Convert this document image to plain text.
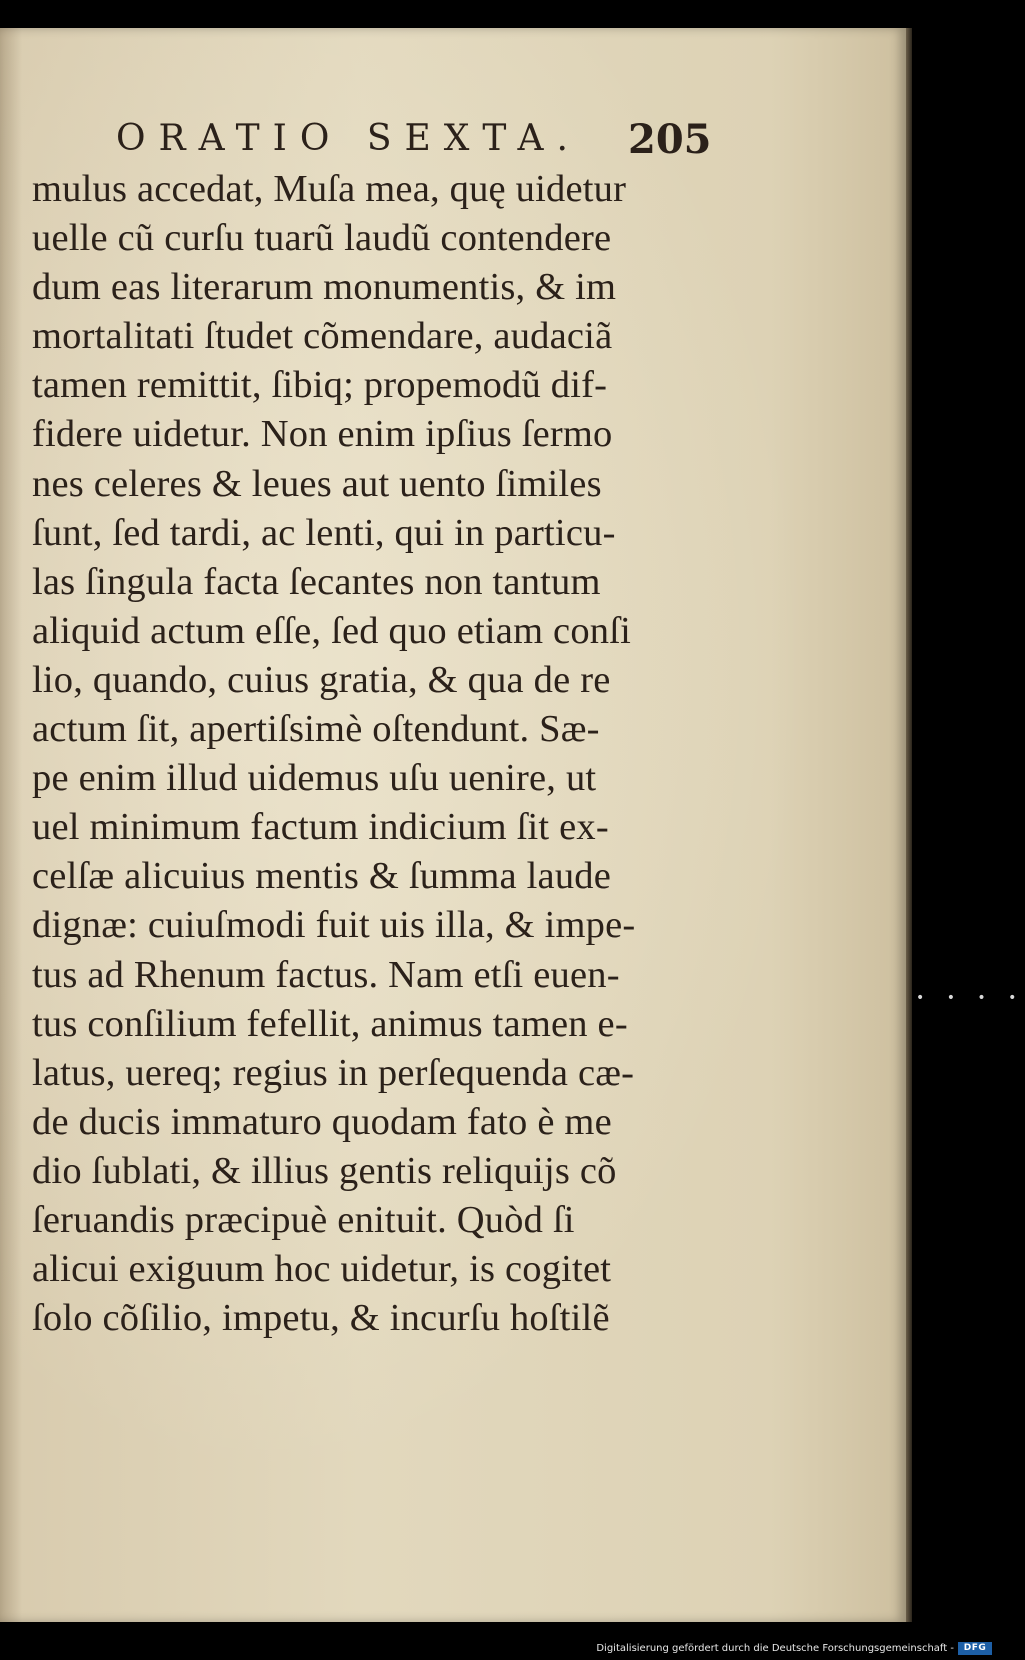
ORATIO SEXTA. 205
mulus accedat, Muſa mea, quę uidetur
uelle cũ curſu tuarũ laudũ contendere
dum eas literarum monumentis, & im
mortalitati ſtudet cõmendare, audaciã
tamen remittit, ſibiq; propemodũ dif-
fidere uidetur. Non enim ipſius ſermo
nes celeres & leues aut uento ſimiles
ſunt, ſed tardi, ac lenti, qui in particu-
las ſingula facta ſecantes non tantum
aliquid actum eſſe, ſed quo etiam conſi
lio, quando, cuius gratia, & qua de re
actum ſit, apertiſsimè oſtendunt. Sæ-
pe enim illud uidemus uſu uenire, ut
uel minimum factum indicium ſit ex-
celſæ alicuius mentis & ſumma laude
dignæ: cuiuſmodi fuit uis illa, & impe-
tus ad Rhenum factus. Nam etſi euen-
tus conſilium fefellit, animus tamen e-
latus, uereq; regius in perſequenda cæ-
de ducis immaturo quodam fato è me
dio ſublati, & illius gentis reliquijs cõ
ſeruandis præcipuè enituit. Quòd ſi
alicui exiguum hoc uidetur, is cogitet
ſolo cõſilio, impetu, & incurſu hoſtilẽ
• • • •
Digitalisierung gefördert durch die Deutsche Forschungsgemeinschaft -	DFG
